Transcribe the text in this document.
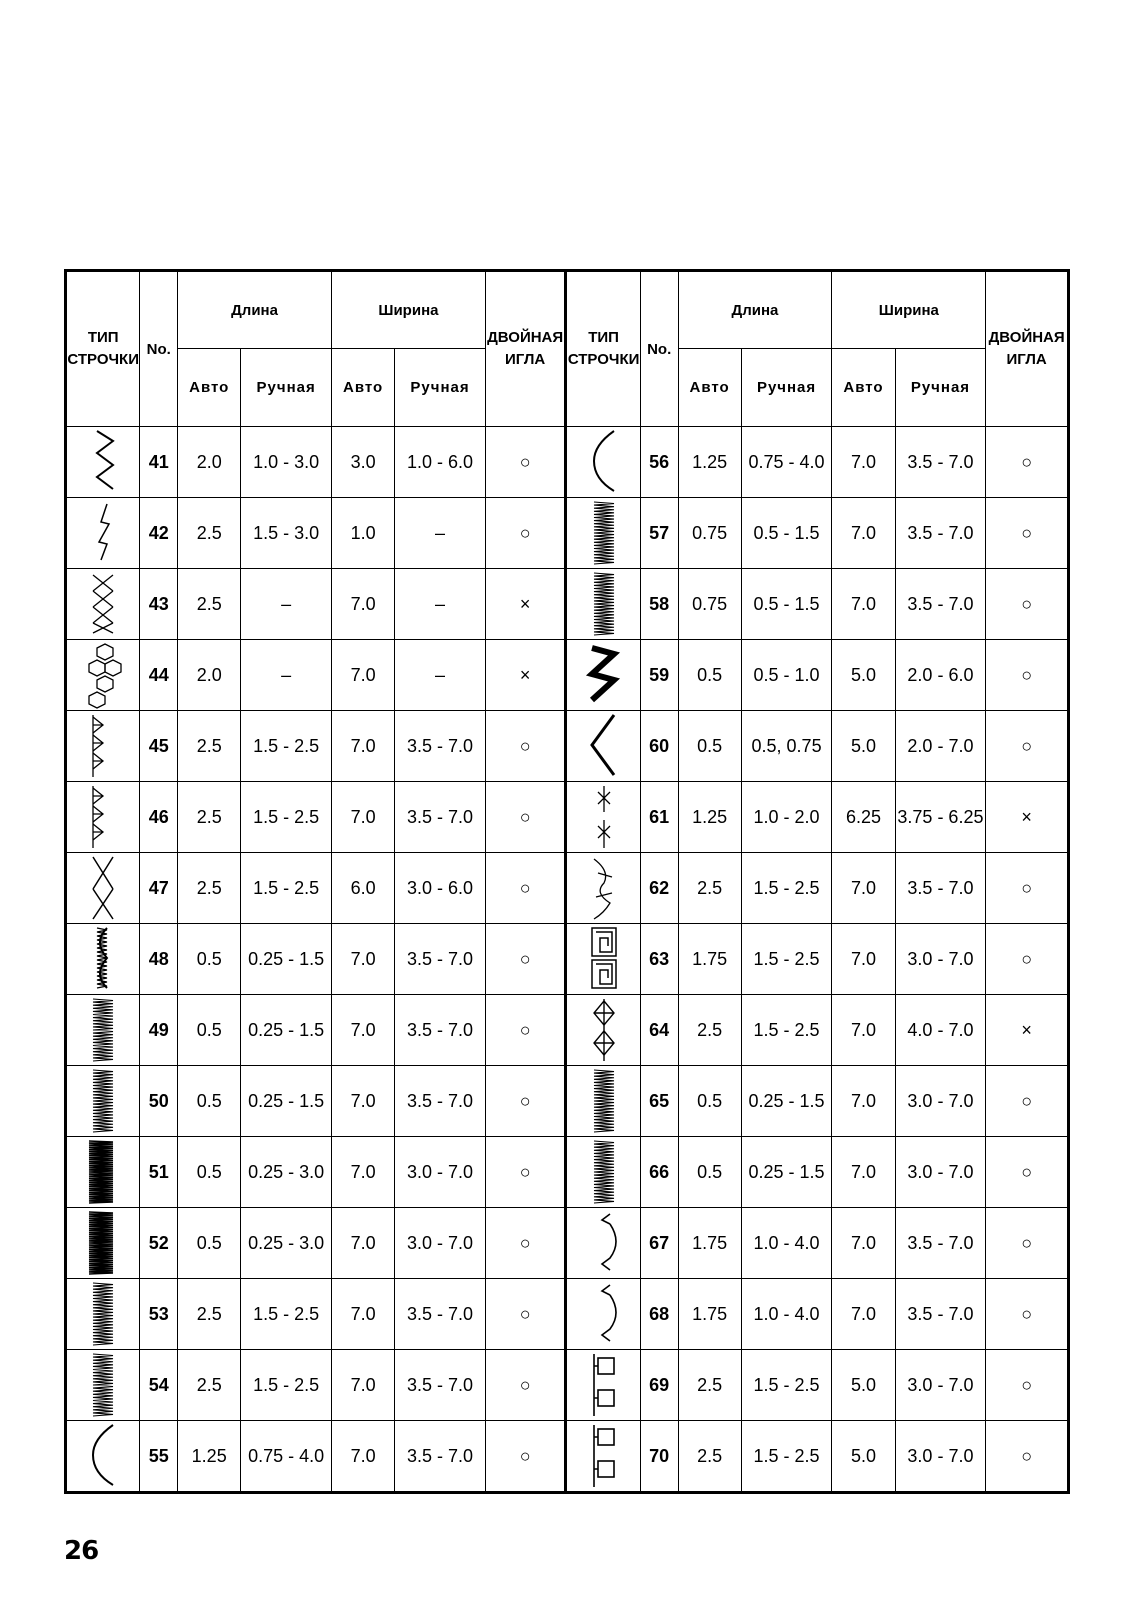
ТИП СТРОЧКИ	No.	Длина		Ширина		ДВОЙНАЯ ИГЛА	ТИП СТРОЧКИ	No.	Длина		Ширина		ДВОЙНАЯ ИГЛА
		Авто	Ручная	Авто	Ручная				Авто	Ручная	Авто	Ручная	

	41	2.0	1.0 - 3.0	3.0	1.0 - 6.0	○		56	1.25	0.75 - 4.0	7.0	3.5 - 7.0	○

	42	2.5	1.5 - 3.0	1.0	–	○		57	0.75	0.5 - 1.5	7.0	3.5 - 7.0	○

	43	2.5	–	7.0	–	×		58	0.75	0.5 - 1.5	7.0	3.5 - 7.0	○

	44	2.0	–	7.0	–	×		59	0.5	0.5 - 1.0	5.0	2.0 - 6.0	○

	45	2.5	1.5 - 2.5	7.0	3.5 - 7.0	○		60	0.5	0.5, 0.75	5.0	2.0 - 7.0	○

	46	2.5	1.5 - 2.5	7.0	3.5 - 7.0	○		61	1.25	1.0 - 2.0	6.25	3.75 - 6.25	×

	47	2.5	1.5 - 2.5	6.0	3.0 - 6.0	○		62	2.5	1.5 - 2.5	7.0	3.5 - 7.0	○

	48	0.5	0.25 - 1.5	7.0	3.5 - 7.0	○		63	1.75	1.5 - 2.5	7.0	3.0 - 7.0	○

	49	0.5	0.25 - 1.5	7.0	3.5 - 7.0	○		64	2.5	1.5 - 2.5	7.0	4.0 - 7.0	×

	50	0.5	0.25 - 1.5	7.0	3.5 - 7.0	○		65	0.5	0.25 - 1.5	7.0	3.0 - 7.0	○

	51	0.5	0.25 - 3.0	7.0	3.0 - 7.0	○		66	0.5	0.25 - 1.5	7.0	3.0 - 7.0	○

	52	0.5	0.25 - 3.0	7.0	3.0 - 7.0	○		67	1.75	1.0 - 4.0	7.0	3.5 - 7.0	○

	53	2.5	1.5 - 2.5	7.0	3.5 - 7.0	○		68	1.75	1.0 - 4.0	7.0	3.5 - 7.0	○

	54	2.5	1.5 - 2.5	7.0	3.5 - 7.0	○		69	2.5	1.5 - 2.5	5.0	3.0 - 7.0	○

	55	1.25	0.75 - 4.0	7.0	3.5 - 7.0	○		70	2.5	1.5 - 2.5	5.0	3.0 - 7.0	○
26
